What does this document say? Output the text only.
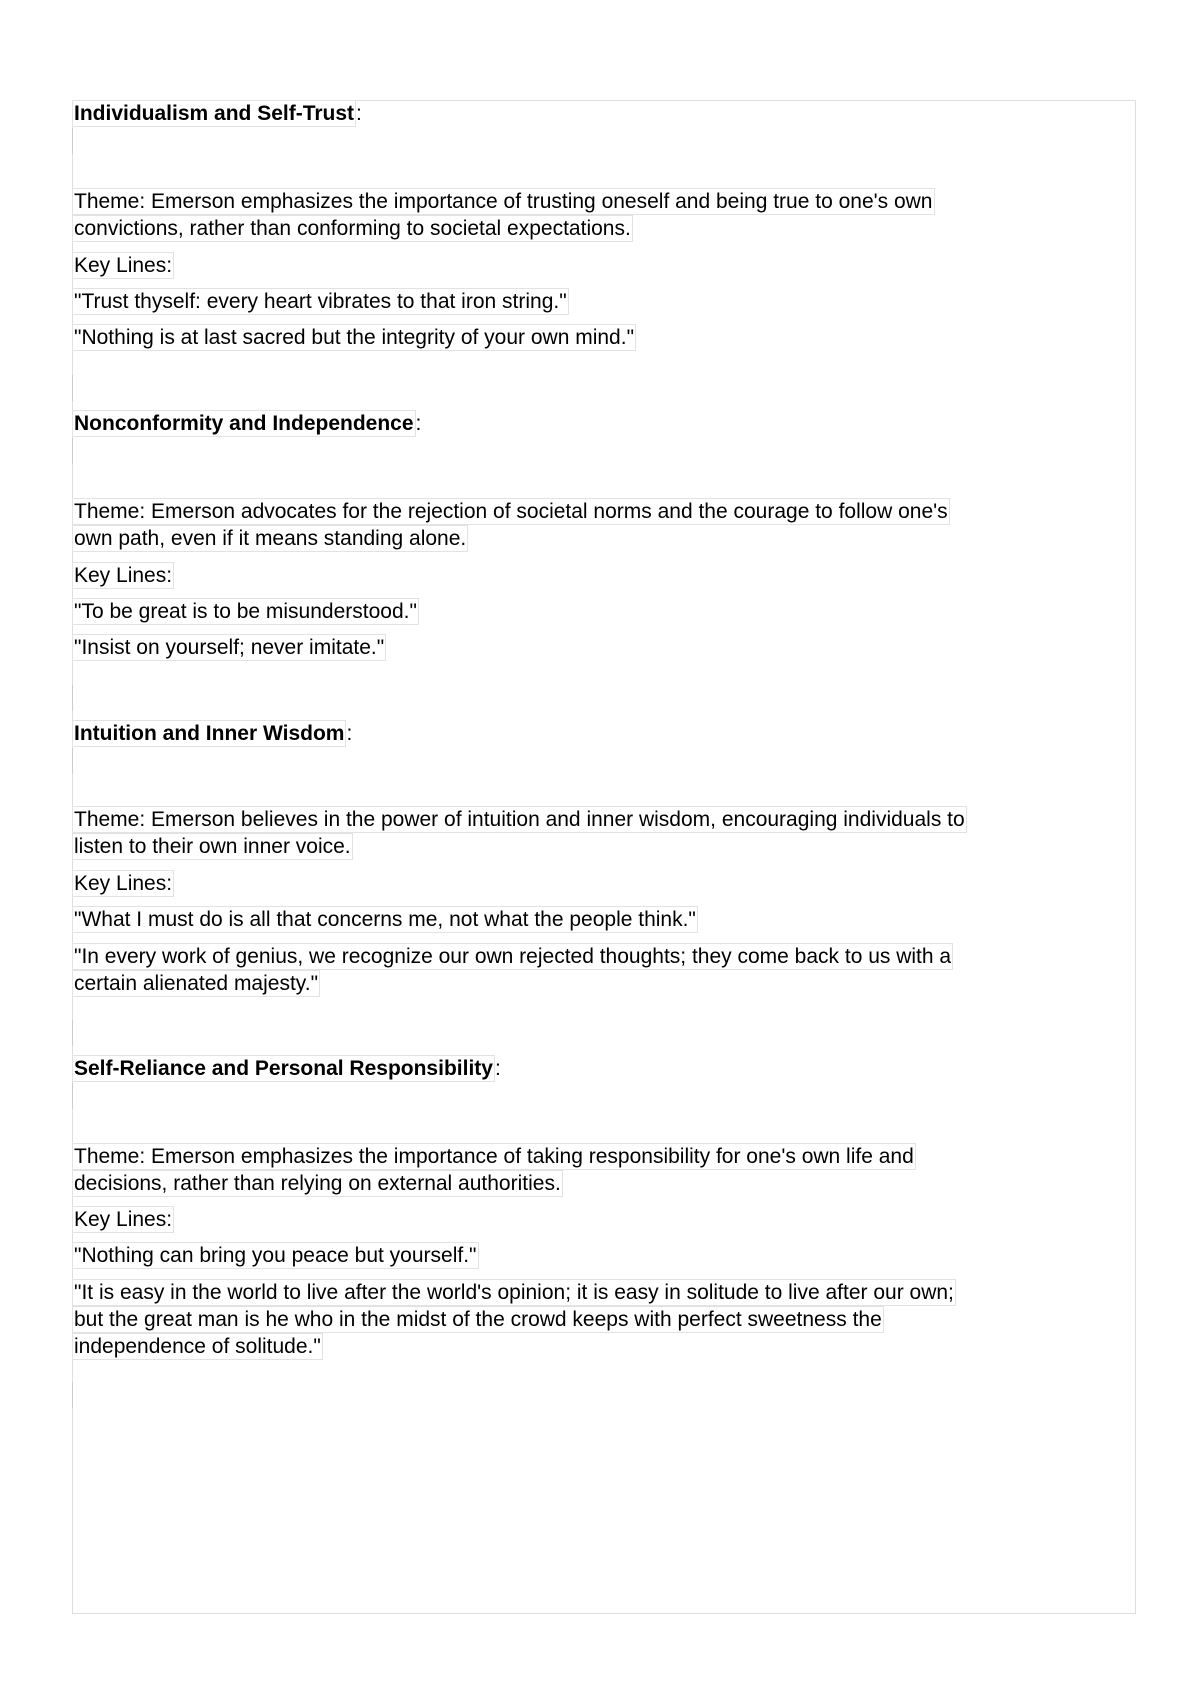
Individualism and Self-Trust:
Theme: Emerson emphasizes the importance of trusting oneself and being true to one's own
convictions, rather than conforming to societal expectations.
Key Lines:
"Trust thyself: every heart vibrates to that iron string."
"Nothing is at last sacred but the integrity of your own mind."
Nonconformity and Independence:
Theme: Emerson advocates for the rejection of societal norms and the courage to follow one's
own path, even if it means standing alone.
Key Lines:
"To be great is to be misunderstood."
"Insist on yourself; never imitate."
Intuition and Inner Wisdom:
Theme: Emerson believes in the power of intuition and inner wisdom, encouraging individuals to
listen to their own inner voice.
Key Lines:
"What I must do is all that concerns me, not what the people think."
"In every work of genius, we recognize our own rejected thoughts; they come back to us with a
certain alienated majesty."
Self-Reliance and Personal Responsibility:
Theme: Emerson emphasizes the importance of taking responsibility for one's own life and
decisions, rather than relying on external authorities.
Key Lines:
"Nothing can bring you peace but yourself."
"It is easy in the world to live after the world's opinion; it is easy in solitude to live after our own;
but the great man is he who in the midst of the crowd keeps with perfect sweetness the
independence of solitude."
